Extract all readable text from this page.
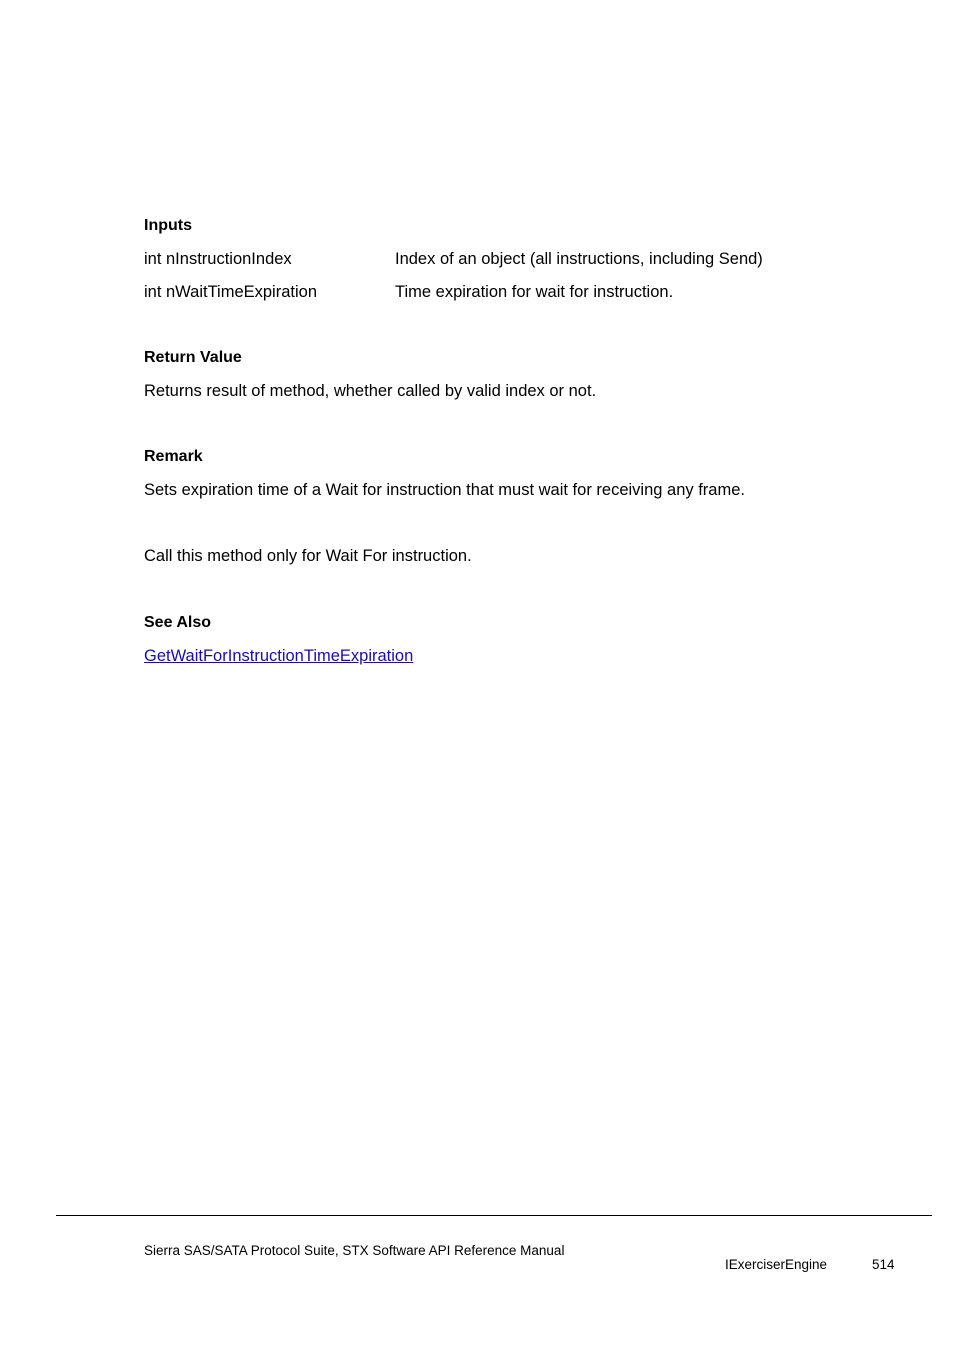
Inputs
int nInstructionIndex	Index of an object (all instructions, including Send)
int nWaitTimeExpiration	Time expiration for wait for instruction.
Return Value
Returns result of method, whether called by valid index or not.
Remark
Sets expiration time of a Wait for instruction that must wait for receiving any frame.
Call this method only for Wait For instruction.
See Also
GetWaitForInstructionTimeExpiration
Sierra SAS/SATA Protocol Suite, STX Software API Reference Manual
IExerciserEngine	514
